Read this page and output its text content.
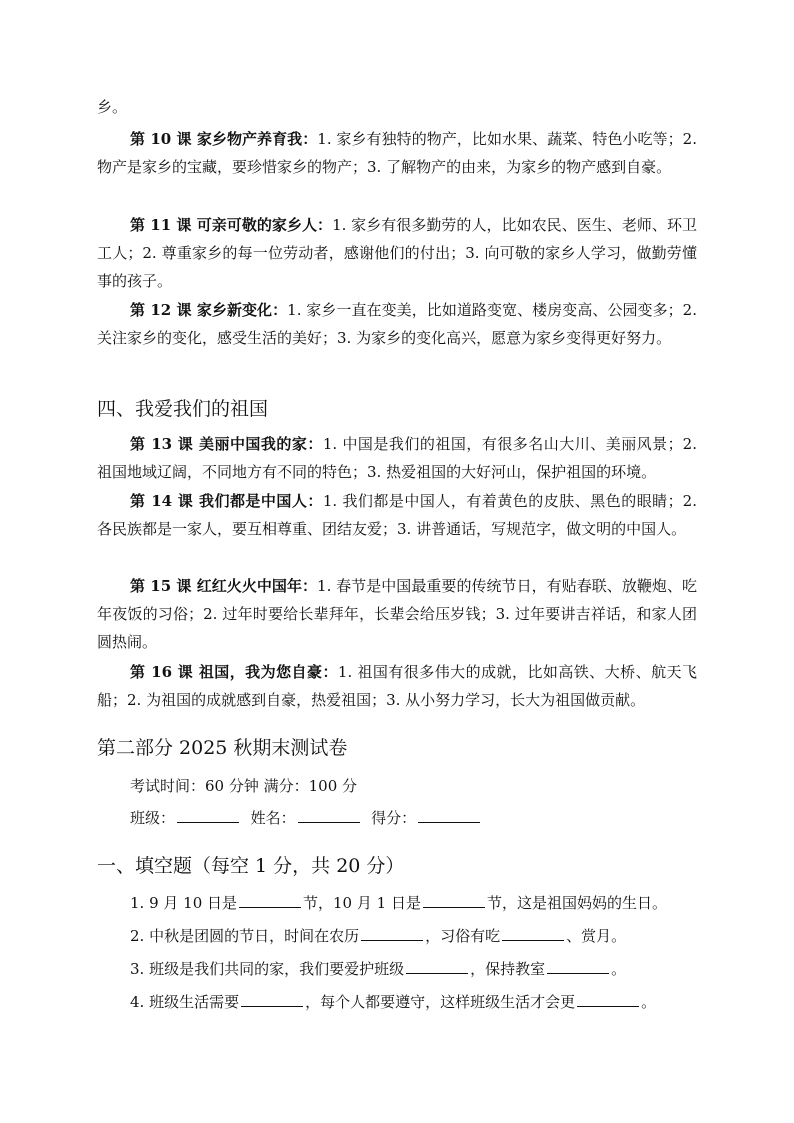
乡。

第 10 课 家乡物产养育我：1. 家乡有独特的物产，比如水果、蔬菜、特色小吃等；2. 物产是家乡的宝藏，要珍惜家乡的物产；3. 了解物产的由来，为家乡的物产感到自豪。

第 11 课 可亲可敬的家乡人：1. 家乡有很多勤劳的人，比如农民、医生、老师、环卫工人；2. 尊重家乡的每一位劳动者，感谢他们的付出；3. 向可敬的家乡人学习，做勤劳懂事的孩子。

第 12 课 家乡新变化：1. 家乡一直在变美，比如道路变宽、楼房变高、公园变多；2. 关注家乡的变化，感受生活的美好；3. 为家乡的变化高兴，愿意为家乡变得更好努力。

四、我爱我们的祖国

第 13 课 美丽中国我的家：1. 中国是我们的祖国，有很多名山大川、美丽风景；2. 祖国地域辽阔，不同地方有不同的特色；3. 热爱祖国的大好河山，保护祖国的环境。

第 14 课 我们都是中国人：1. 我们都是中国人，有着黄色的皮肤、黑色的眼睛；2. 各民族都是一家人，要互相尊重、团结友爱；3. 讲普通话，写规范字，做文明的中国人。

第 15 课 红红火火中国年：1. 春节是中国最重要的传统节日，有贴春联、放鞭炮、吃年夜饭的习俗；2. 过年时要给长辈拜年，长辈会给压岁钱；3. 过年要讲吉祥话，和家人团圆热闹。

第 16 课 祖国，我为您自豪：1. 祖国有很多伟大的成就，比如高铁、大桥、航天飞船；2. 为祖国的成就感到自豪，热爱祖国；3. 从小努力学习，长大为祖国做贡献。

第二部分 2025 秋期末测试卷

考试时间：60 分钟 满分：100 分

班级：	姓名：	得分：

一、填空题（每空 1 分，共 20 分）

1. 9 月 10 日是	节，10 月 1 日是	节，这是祖国妈妈的生日。

2. 中秋是团圆的节日，时间在农历	，习俗有吃	、赏月。

3. 班级是我们共同的家，我们要爱护班级	，保持教室	。

4. 班级生活需要	，每个人都要遵守，这样班级生活才会更	。
